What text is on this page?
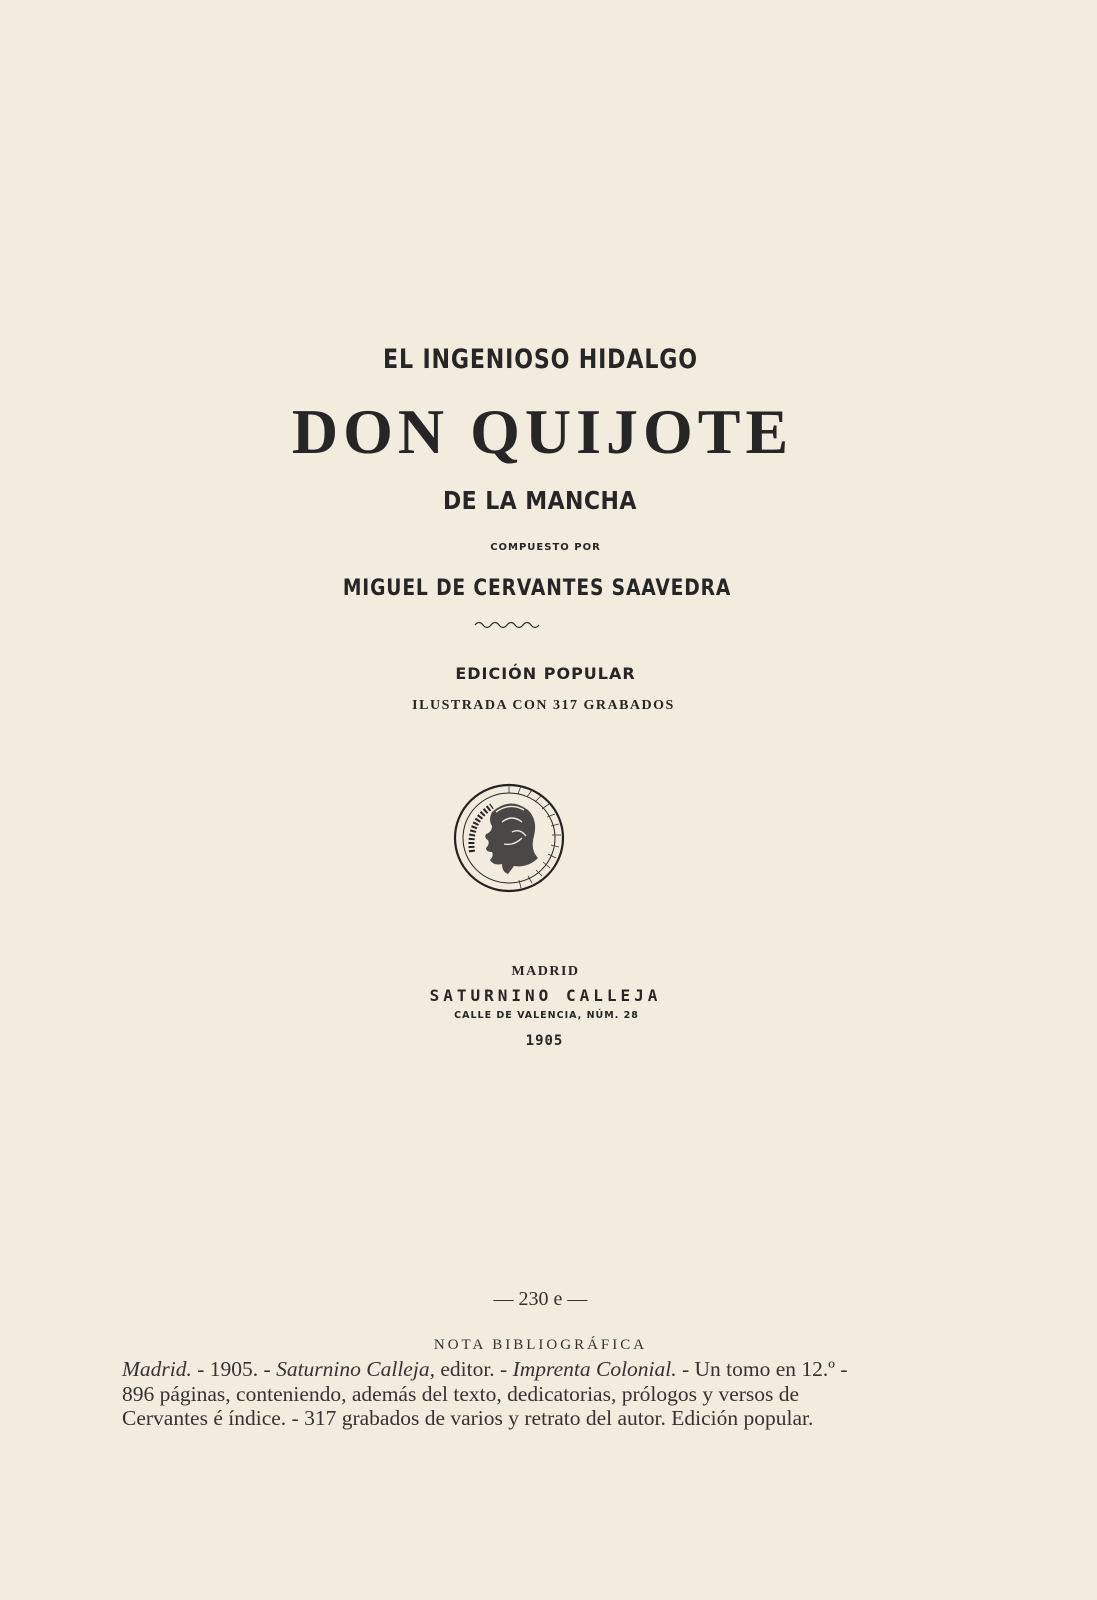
EL INGENIOSO HIDALGO
DON QUIJOTE
DE LA MANCHA
COMPUESTO POR
MIGUEL DE CERVANTES SAAVEDRA
EDICIÓN POPULAR
ILUSTRADA CON 317 GRABADOS
MADRID
SATURNINO CALLEJA
CALLE DE VALENCIA, NÚM. 28
1905
— 230 e —
NOTA BIBLIOGRÁFICA
Madrid. - 1905. - Saturnino Calleja, editor. - Imprenta Colonial. - Un tomo en 12.º - 896 páginas, conteniendo, además del texto, dedicatorias, prólogos y versos de Cervantes é índice. - 317 grabados de varios y retrato del autor. Edición popular.
